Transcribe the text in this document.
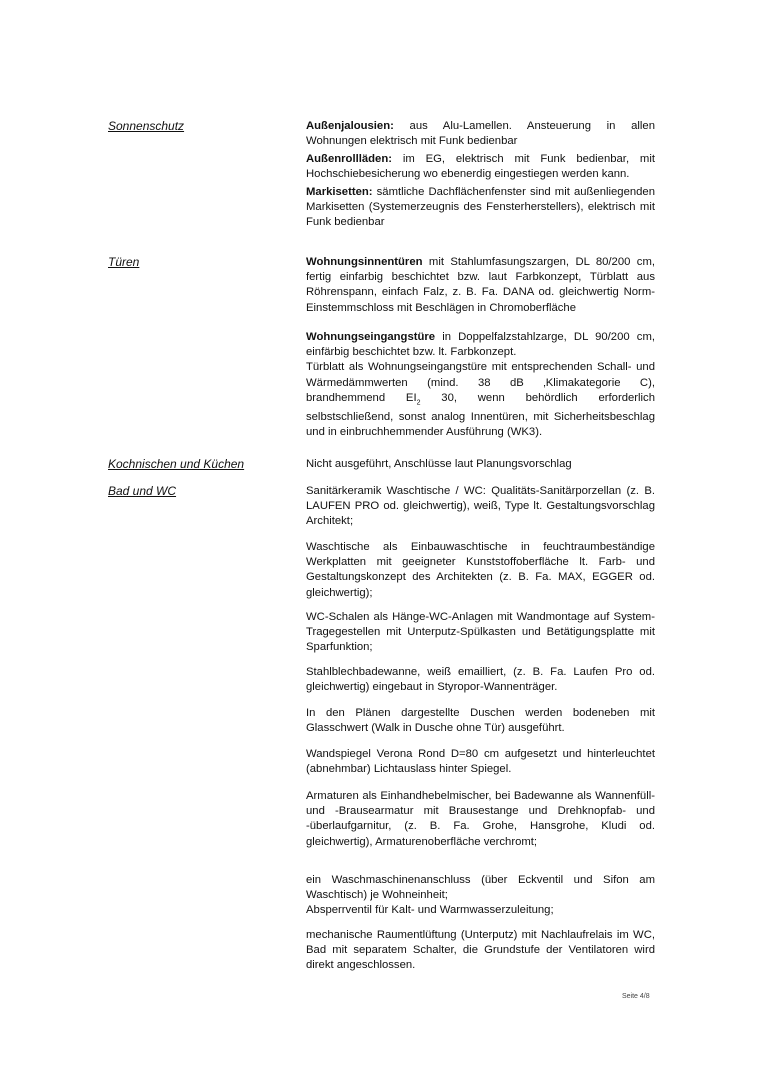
Sonnenschutz	Außenjalousien: aus Alu-Lamellen. Ansteuerung in allen Wohnungen elektrisch mit Funk bedienbar

Außenrollläden: im EG, elektrisch mit Funk bedienbar, mit Hochschiebesicherung wo ebenerdig eingestiegen werden kann.

Markisetten: sämtliche Dachflächenfenster sind mit außenliegenden Markisetten (Systemerzeugnis des Fensterherstellers), elektrisch mit Funk bedienbar

Türen	Wohnungsinnentüren mit Stahlumfasungszargen, DL 80/200 cm, fertig einfarbig beschichtet bzw. laut Farbkonzept, Türblatt aus Röhrenspann, einfach Falz, z. B. Fa. DANA od. gleichwertig Norm-Einstemmschloss mit Beschlägen in Chromoberfläche

Wohnungseingangstüre in Doppelfalzstahlzarge, DL 90/200 cm, einfärbig beschichtet bzw. lt. Farbkonzept.

Türblatt als Wohnungseingangstüre mit entsprechenden Schall- und Wärmedämmwerten (mind. 38 dB ‚Klimakategorie C), brandhemmend $EI_2$ 30, wenn behördlich erforderlich selbstschließend, sonst analog Innentüren, mit Sicherheitsbeschlag und in einbruchhemmender Ausführung (WK3).

Kochnischen und Küchen	Nicht ausgeführt, Anschlüsse laut Planungsvorschlag

Bad und WC	Sanitärkeramik Waschtische / WC: Qualitäts-Sanitärporzellan (z. B. LAUFEN PRO od. gleichwertig), weiß, Type lt. Gestaltungsvorschlag Architekt;

Waschtische als Einbauwaschtische in feuchtraumbeständige Werkplatten mit geeigneter Kunststoffoberfläche lt. Farb- und Gestaltungskonzept des Architekten (z. B. Fa. MAX, EGGER od. gleichwertig);

WC-Schalen als Hänge-WC-Anlagen mit Wandmontage auf System-Tragegestellen mit Unterputz-Spülkasten und Betätigungsplatte mit Sparfunktion;

Stahlblechbadewanne, weiß emailliert, (z. B. Fa. Laufen Pro od. gleichwertig) eingebaut in Styropor-Wannenträger.

In den Plänen dargestellte Duschen werden bodeneben mit Glasschwert (Walk in Dusche ohne Tür) ausgeführt.

Wandspiegel Verona Rond D=80 cm aufgesetzt und hinterleuchtet (abnehmbar) Lichtauslass hinter Spiegel.

Armaturen als Einhandhebelmischer, bei Badewanne als Wannenfüll- und -Brausearmatur mit Brausestange und Drehknopfab- und -überlaufgarnitur, (z. B. Fa. Grohe, Hansgrohe, Kludi od. gleichwertig), Armaturenoberfläche verchromt;

ein Waschmaschinenanschluss (über Eckventil und Sifon am Waschtisch) je Wohneinheit;

Absperrventil für Kalt- und Warmwasserzuleitung;

mechanische Raumentlüftung (Unterputz) mit Nachlaufrelais im WC, Bad mit separatem Schalter, die Grundstufe der Ventilatoren wird direkt angeschlossen.

Seite 4/8
